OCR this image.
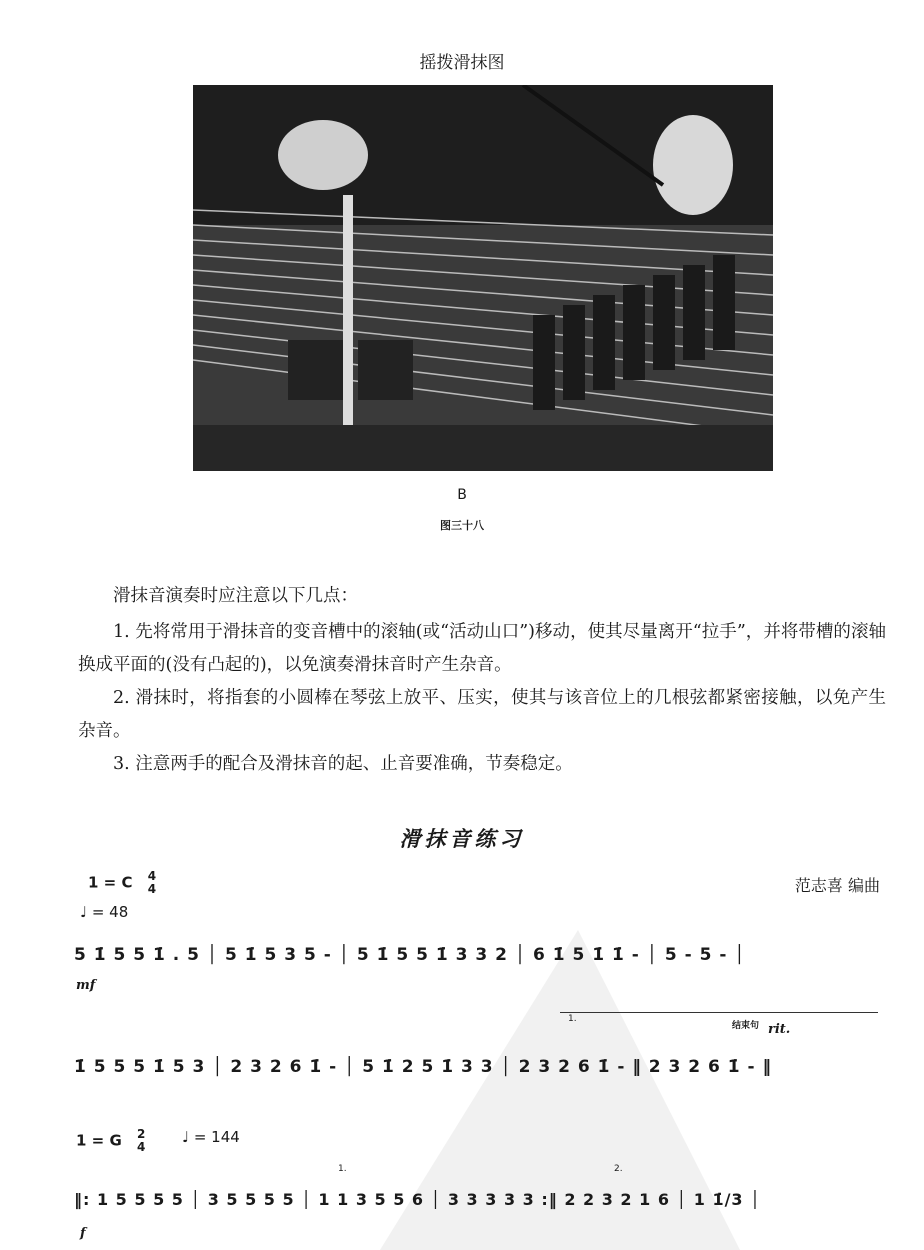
摇拨滑抹图
B
图三十八
滑抹音演奏时应注意以下几点：
1. 先将常用于滑抹音的变音槽中的滚轴(或“活动山口”)移动，使其尽量离开“拉手”，并将带槽的滚轴换成平面的(没有凸起的)，以免演奏滑抹音时产生杂音。
2. 滑抹时，将指套的小圆棒在琴弦上放平、压实，使其与该音位上的几根弦都紧密接触，以免产生杂音。
3. 注意两手的配合及滑抹音的起、止音要准确，节奏稳定。
滑抹音练习
1 = C 4
4
♩ = 48
范志喜 编曲
5 1̇ 5 5 1̇ . 5 │ 5 1̇ 5 3 5 - │ 5 1̇ 5 5 1̇ 3 3 2 │ 6 1̇ 5 1̇ 1̇ - │ 5 - 5 - │
mf
1.
结束句 rit.
1̇ 5 5 5 1̇ 5 3 │ 2 3 2 6 1̇ - │ 5 1̇ 2 5 1̇ 3 3 │ 2 3 2 6 1̇ - ‖ 2 3 2 6 1̇ - ‖
1 = G 2
4
♩ = 144
1.	2.
‖: 1 5 5 5 5 │ 3 5 5 5 5 │ 1 1 3 5 5 6 │ 3 3 3 3 3 :‖ 2 2 3 2 1 6 │ 1 1̇/3 │
f
